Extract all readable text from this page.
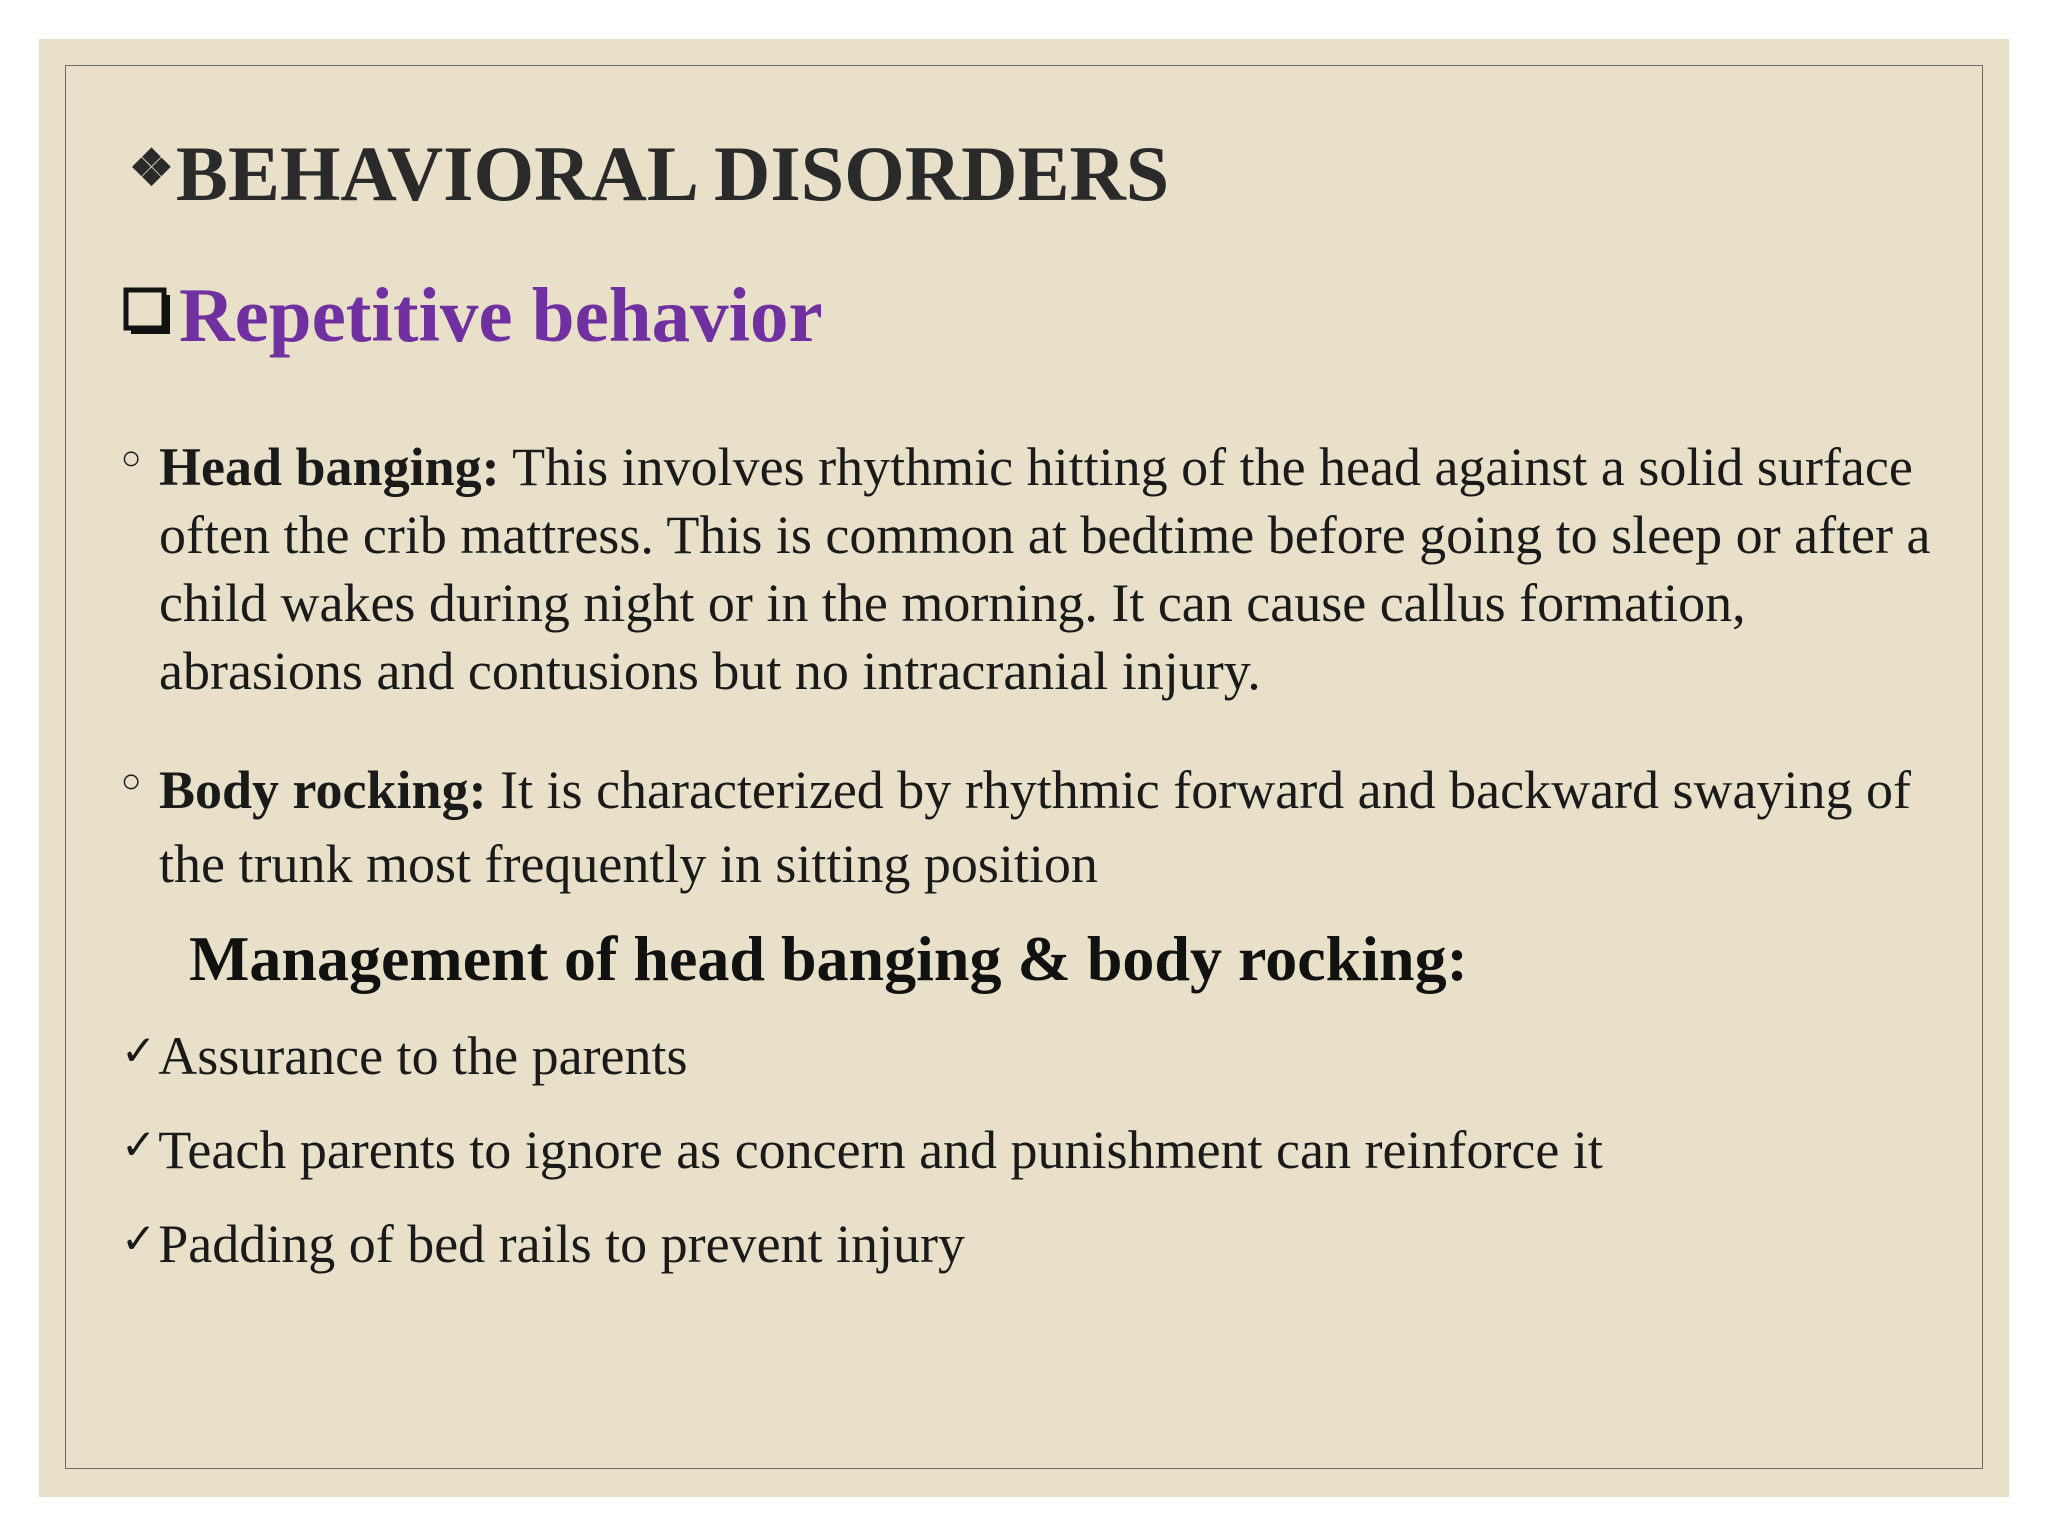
❖BEHAVIORAL DISORDERS
Repetitive behavior
○ Head banging: This involves rhythmic hitting of the head against a solid surface often the crib mattress. This is common at bedtime before going to sleep or after a child wakes during night or in the morning. It can cause callus formation, abrasions and contusions but no intracranial injury.
○ Body rocking: It is characterized by rhythmic forward and backward swaying of the trunk most frequently in sitting position
Management of head banging & body rocking:
✓Assurance to the parents
✓Teach parents to ignore as concern and punishment can reinforce it
✓Padding of bed rails to prevent injury
